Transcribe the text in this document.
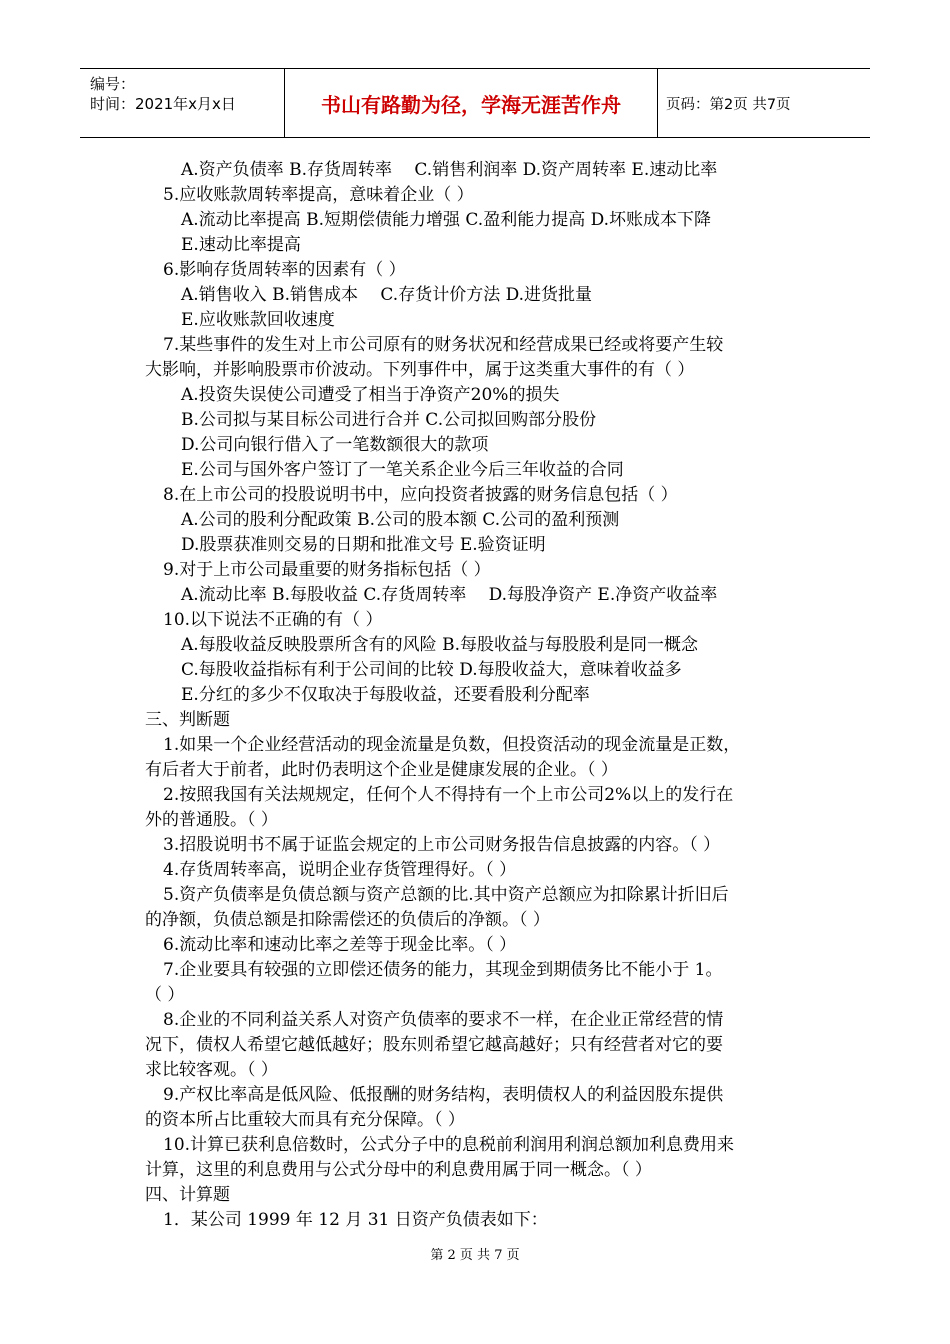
编号：
时间：2021年x月x日	书山有路勤为径，学海无涯苦作舟	页码：第2页 共7页
A.资产负债率 B.存货周转率　 C.销售利润率 D.资产周转率 E.速动比率
5.应收账款周转率提高，意味着企业（ ）
A.流动比率提高 B.短期偿债能力增强 C.盈利能力提高 D.坏账成本下降
E.速动比率提高
6.影响存货周转率的因素有（ ）
A.销售收入 B.销售成本　 C.存货计价方法 D.进货批量
E.应收账款回收速度
7.某些事件的发生对上市公司原有的财务状况和经营成果已经或将要产生较
大影响，并影响股票市价波动。下列事件中，属于这类重大事件的有（ ）
A.投资失误使公司遭受了相当于净资产20%的损失
B.公司拟与某目标公司进行合并 C.公司拟回购部分股份
D.公司向银行借入了一笔数额很大的款项
E.公司与国外客户签订了一笔关系企业今后三年收益的合同
8.在上市公司的投股说明书中，应向投资者披露的财务信息包括（ ）
A.公司的股利分配政策 B.公司的股本额 C.公司的盈利预测
D.股票获准则交易的日期和批准文号 E.验资证明
9.对于上市公司最重要的财务指标包括（ ）
A.流动比率 B.每股收益 C.存货周转率　 D.每股净资产 E.净资产收益率
10.以下说法不正确的有（ ）
A.每股收益反映股票所含有的风险 B.每股收益与每股股利是同一概念
C.每股收益指标有利于公司间的比较 D.每股收益大，意味着收益多
E.分红的多少不仅取决于每股收益，还要看股利分配率
三、判断题
1.如果一个企业经营活动的现金流量是负数，但投资活动的现金流量是正数，
有后者大于前者，此时仍表明这个企业是健康发展的企业。（ ）
2.按照我国有关法规规定，任何个人不得持有一个上市公司2%以上的发行在
外的普通股。（ ）
3.招股说明书不属于证监会规定的上市公司财务报告信息披露的内容。（ ）
4.存货周转率高，说明企业存货管理得好。（ ）
5.资产负债率是负债总额与资产总额的比.其中资产总额应为扣除累计折旧后
的净额，负债总额是扣除需偿还的负债后的净额。（ ）
6.流动比率和速动比率之差等于现金比率。（ ）
7.企业要具有较强的立即偿还债务的能力，其现金到期债务比不能小于 1。
（ ）
8.企业的不同利益关系人对资产负债率的要求不一样，在企业正常经营的情
况下，债权人希望它越低越好；股东则希望它越高越好；只有经营者对它的要
求比较客观。（ ）
9.产权比率高是低风险、低报酬的财务结构，表明债权人的利益因股东提供
的资本所占比重较大而具有充分保障。（ ）
10.计算已获利息倍数时，公式分子中的息税前利润用利润总额加利息费用来
计算，这里的利息费用与公式分母中的利息费用属于同一概念。（ ）
四、计算题
1．某公司 1999 年 12 月 31 日资产负债表如下：
第 2 页 共 7 页
